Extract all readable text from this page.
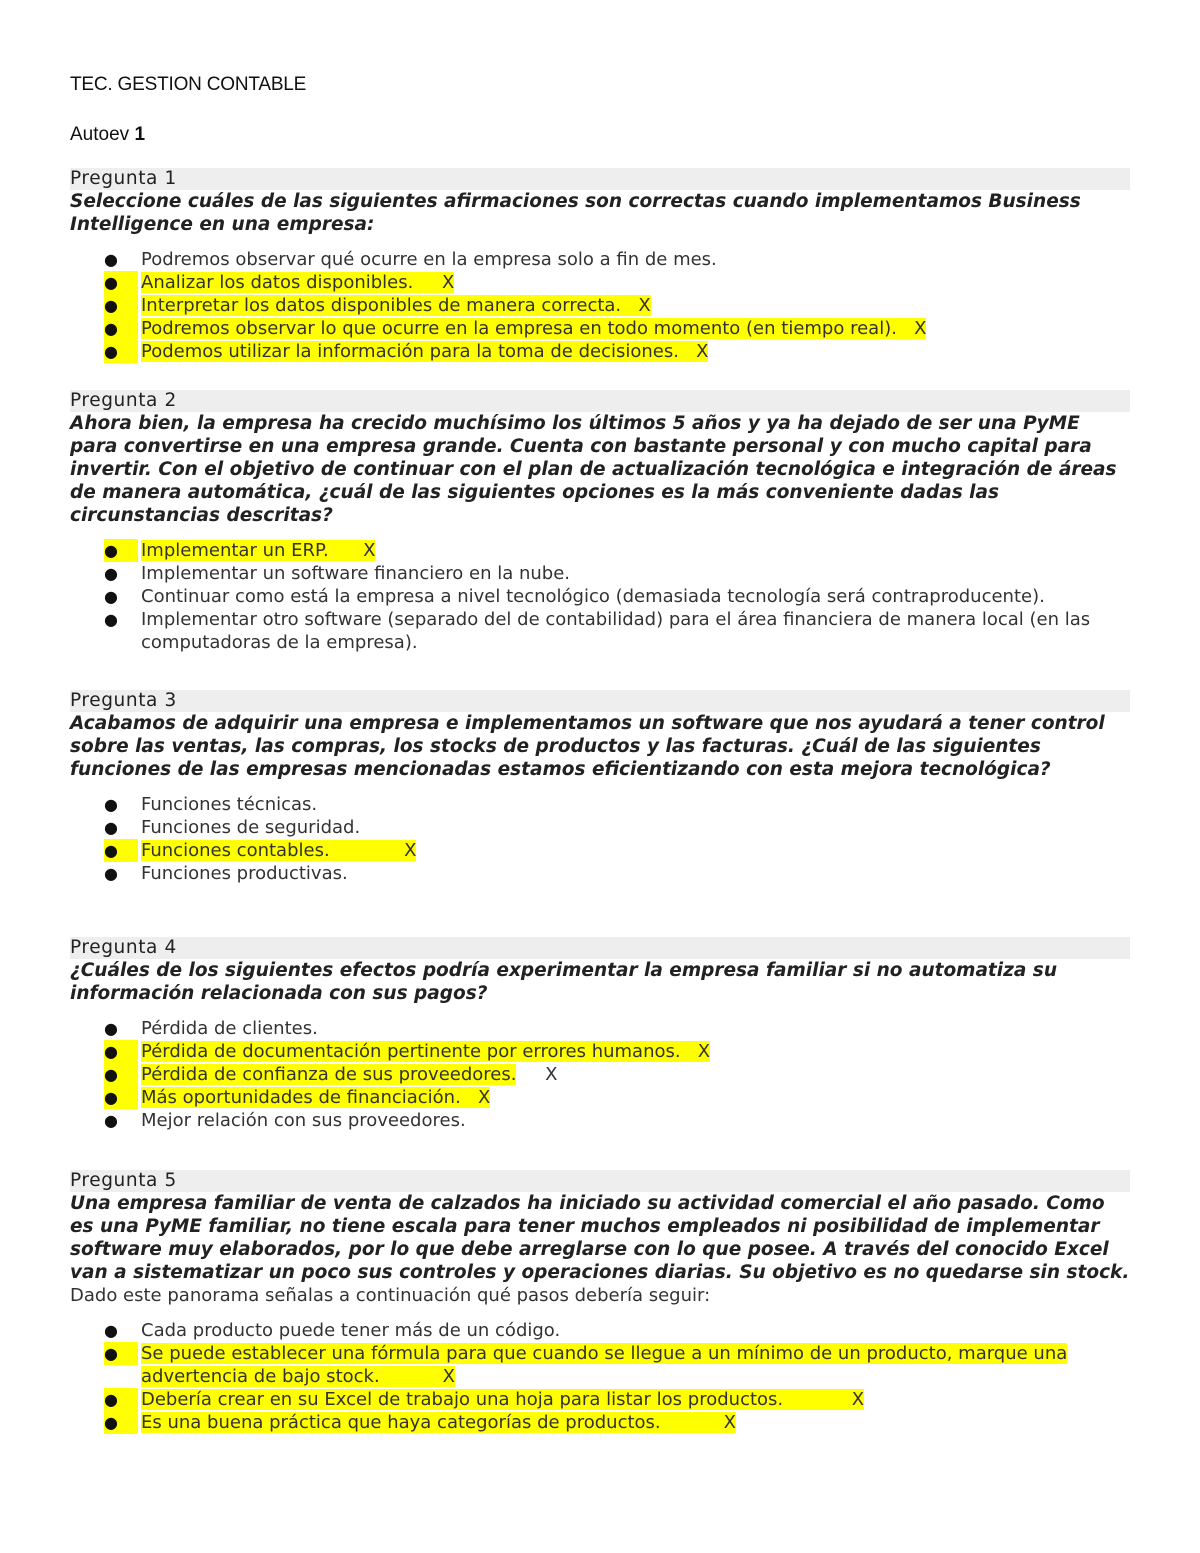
TEC. GESTION CONTABLE
Autoev 1
Pregunta 1
Seleccione cuáles de las siguientes afirmaciones son correctas cuando implementamos Business Intelligence en una empresa:
● Podremos observar qué ocurre en la empresa solo a fin de mes.
●	Analizar los datos disponibles.     X
●	Interpretar los datos disponibles de manera correcta.   X
●	Podremos observar lo que ocurre en la empresa en todo momento (en tiempo real).   X
●	Podemos utilizar la información para la toma de decisiones.   X
Pregunta 2
Ahora bien, la empresa ha crecido muchísimo los últimos 5 años y ya ha dejado de ser una PyME para convertirse en una empresa grande. Cuenta con bastante personal y con mucho capital para invertir. Con el objetivo de continuar con el plan de actualización tecnológica e integración de áreas de manera automática, ¿cuál de las siguientes opciones es la más conveniente dadas las circunstancias descritas?
●	Implementar un ERP.      X
● Implementar un software financiero en la nube.
● Continuar como está la empresa a nivel tecnológico (demasiada tecnología será contraproducente).
● Implementar otro software (separado del de contabilidad) para el área financiera de manera local (en las computadoras de la empresa).
Pregunta 3
Acabamos de adquirir una empresa e implementamos un software que nos ayudará a tener control sobre las ventas, las compras, los stocks de productos y las facturas. ¿Cuál de las siguientes funciones de las empresas mencionadas estamos eficientizando con esta mejora tecnológica?
● Funciones técnicas.
● Funciones de seguridad.
●	Funciones contables.             X
● Funciones productivas.
Pregunta 4
¿Cuáles de los siguientes efectos podría experimentar la empresa familiar si no automatiza su información relacionada con sus pagos?
● Pérdida de clientes.
●	Pérdida de documentación pertinente por errores humanos.   X
●	Pérdida de confianza de sus proveedores.     X
●	Más oportunidades de financiación.   X
● Mejor relación con sus proveedores.
Pregunta 5
Una empresa familiar de venta de calzados ha iniciado su actividad comercial el año pasado. Como es una PyME familiar, no tiene escala para tener muchos empleados ni posibilidad de implementar software muy elaborados, por lo que debe arreglarse con lo que posee. A través del conocido Excel van a sistematizar un poco sus controles y operaciones diarias. Su objetivo es no quedarse sin stock.
Dado este panorama señalas a continuación qué pasos debería seguir:
● Cada producto puede tener más de un código.
●	Se puede establecer una fórmula para que cuando se llegue a un mínimo de un producto, marque una advertencia de bajo stock.           X
●	Debería crear en su Excel de trabajo una hoja para listar los productos.            X
●	Es una buena práctica que haya categorías de productos.           X
